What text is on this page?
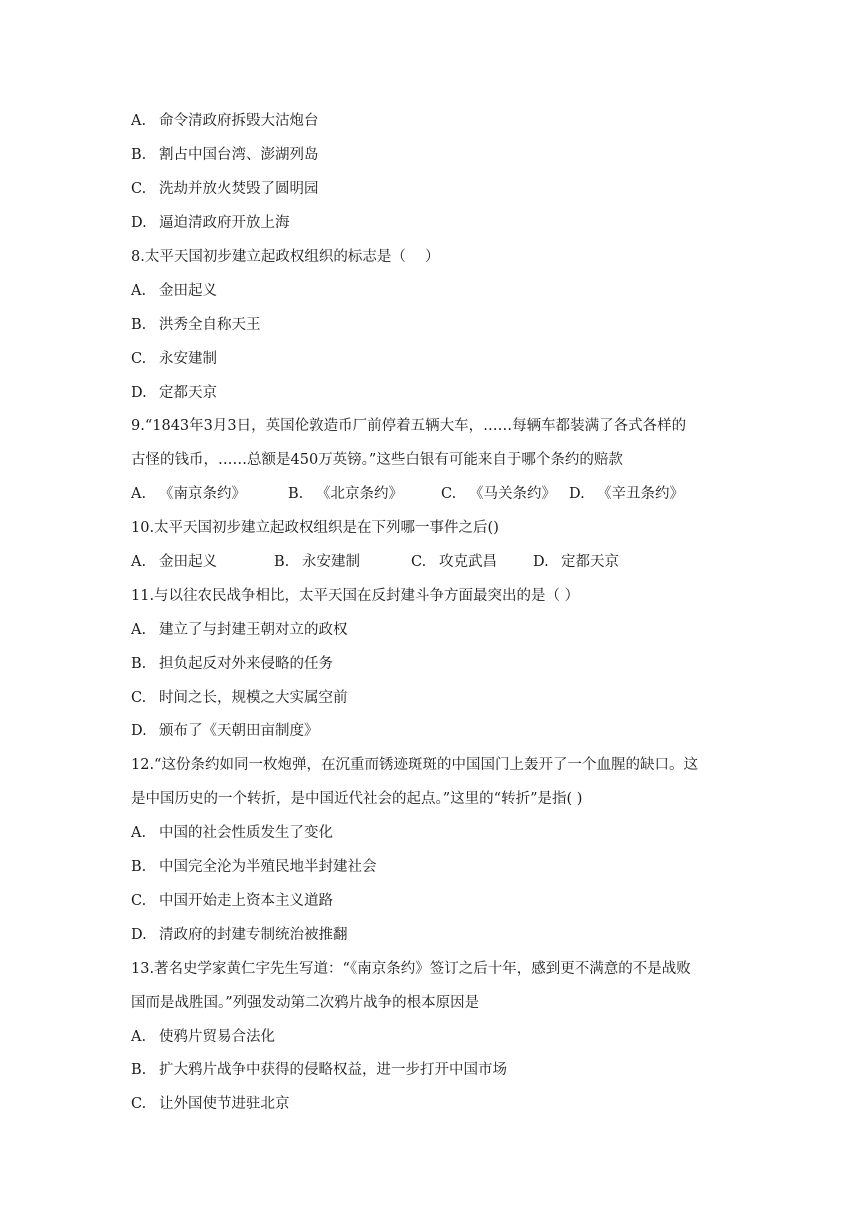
A. 命令清政府拆毁大沽炮台
B. 割占中国台湾、澎湖列岛
C. 洗劫并放火焚毁了圆明园
D. 逼迫清政府开放上海
8.太平天国初步建立起政权组织的标志是（　 ）
A. 金田起义
B. 洪秀全自称天王
C. 永安建制
D. 定都天京
9.“1843年3月3日，英国伦敦造币厂前停着五辆大车，……每辆车都装满了各式各样的
古怪的钱币，……总额是450万英镑。”这些白银有可能来自于哪个条约的赔款
A. 《南京条约》	B. 《北京条约》	C. 《马关条约》 D. 《辛丑条约》
10.太平天国初步建立起政权组织是在下列哪一事件之后()
A. 金田起义	B. 永安建制	C. 攻克武昌 D. 定都天京
11.与以往农民战争相比，太平天国在反封建斗争方面最突出的是（ ）
A. 建立了与封建王朝对立的政权
B. 担负起反对外来侵略的任务
C. 时间之长，规模之大实属空前
D. 颁布了《天朝田亩制度》
12.“这份条约如同一枚炮弹，在沉重而锈迹斑斑的中国国门上轰开了一个血腥的缺口。这
是中国历史的一个转折，是中国近代社会的起点。”这里的“转折”是指( )
A. 中国的社会性质发生了变化
B. 中国完全沦为半殖民地半封建社会
C. 中国开始走上资本主义道路
D. 清政府的封建专制统治被推翻
13.著名史学家黄仁宇先生写道：“《南京条约》签订之后十年，感到更不满意的不是战败
国而是战胜国。”列强发动第二次鸦片战争的根本原因是
A. 使鸦片贸易合法化
B. 扩大鸦片战争中获得的侵略权益，进一步打开中国市场
C. 让外国使节进驻北京
